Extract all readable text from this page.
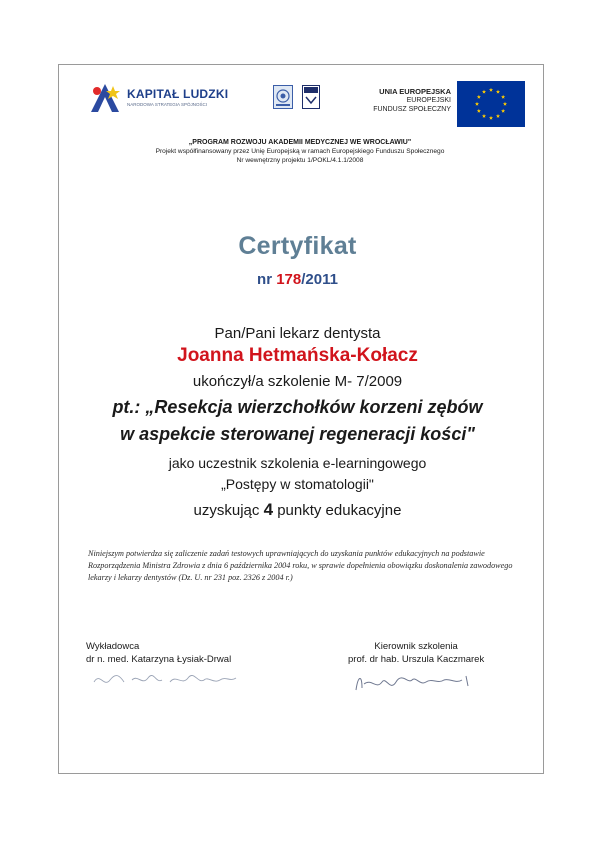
KAPITAŁ LUDZKI
NARODOWA STRATEGIA SPÓJNOŚCI
UNIA EUROPEJSKA
EUROPEJSKI
FUNDUSZ SPOŁECZNY
„PROGRAM ROZWOJU AKADEMII MEDYCZNEJ WE WROCŁAWIU"
Projekt współfinansowany przez Unię Europejską w ramach Europejskiego Funduszu Społecznego
Nr wewnętrzny projektu 1/POKL/4.1.1/2008
Certyfikat
nr 178/2011
Pan/Pani lekarz dentysta
Joanna Hetmańska-Kołacz
ukończył/a szkolenie M- 7/2009
pt.: „Resekcja wierzchołków korzeni zębów
w aspekcie sterowanej regeneracji kości"
jako uczestnik szkolenia e-learningowego
„Postępy w stomatologii"
uzyskując 4 punkty edukacyjne
Niniejszym potwierdza się zaliczenie zadań testowych uprawniających do uzyskania punktów edukacyjnych na podstawie Rozporządzenia Ministra Zdrowia z dnia 6 października 2004 roku, w sprawie dopełnienia obowiązku doskonalenia zawodowego lekarzy i lekarzy dentystów (Dz. U. nr 231 poz. 2326 z 2004 r.)
Wykładowca
dr n. med. Katarzyna Łysiak-Drwal
Kierownik szkolenia
prof. dr hab. Urszula Kaczmarek
